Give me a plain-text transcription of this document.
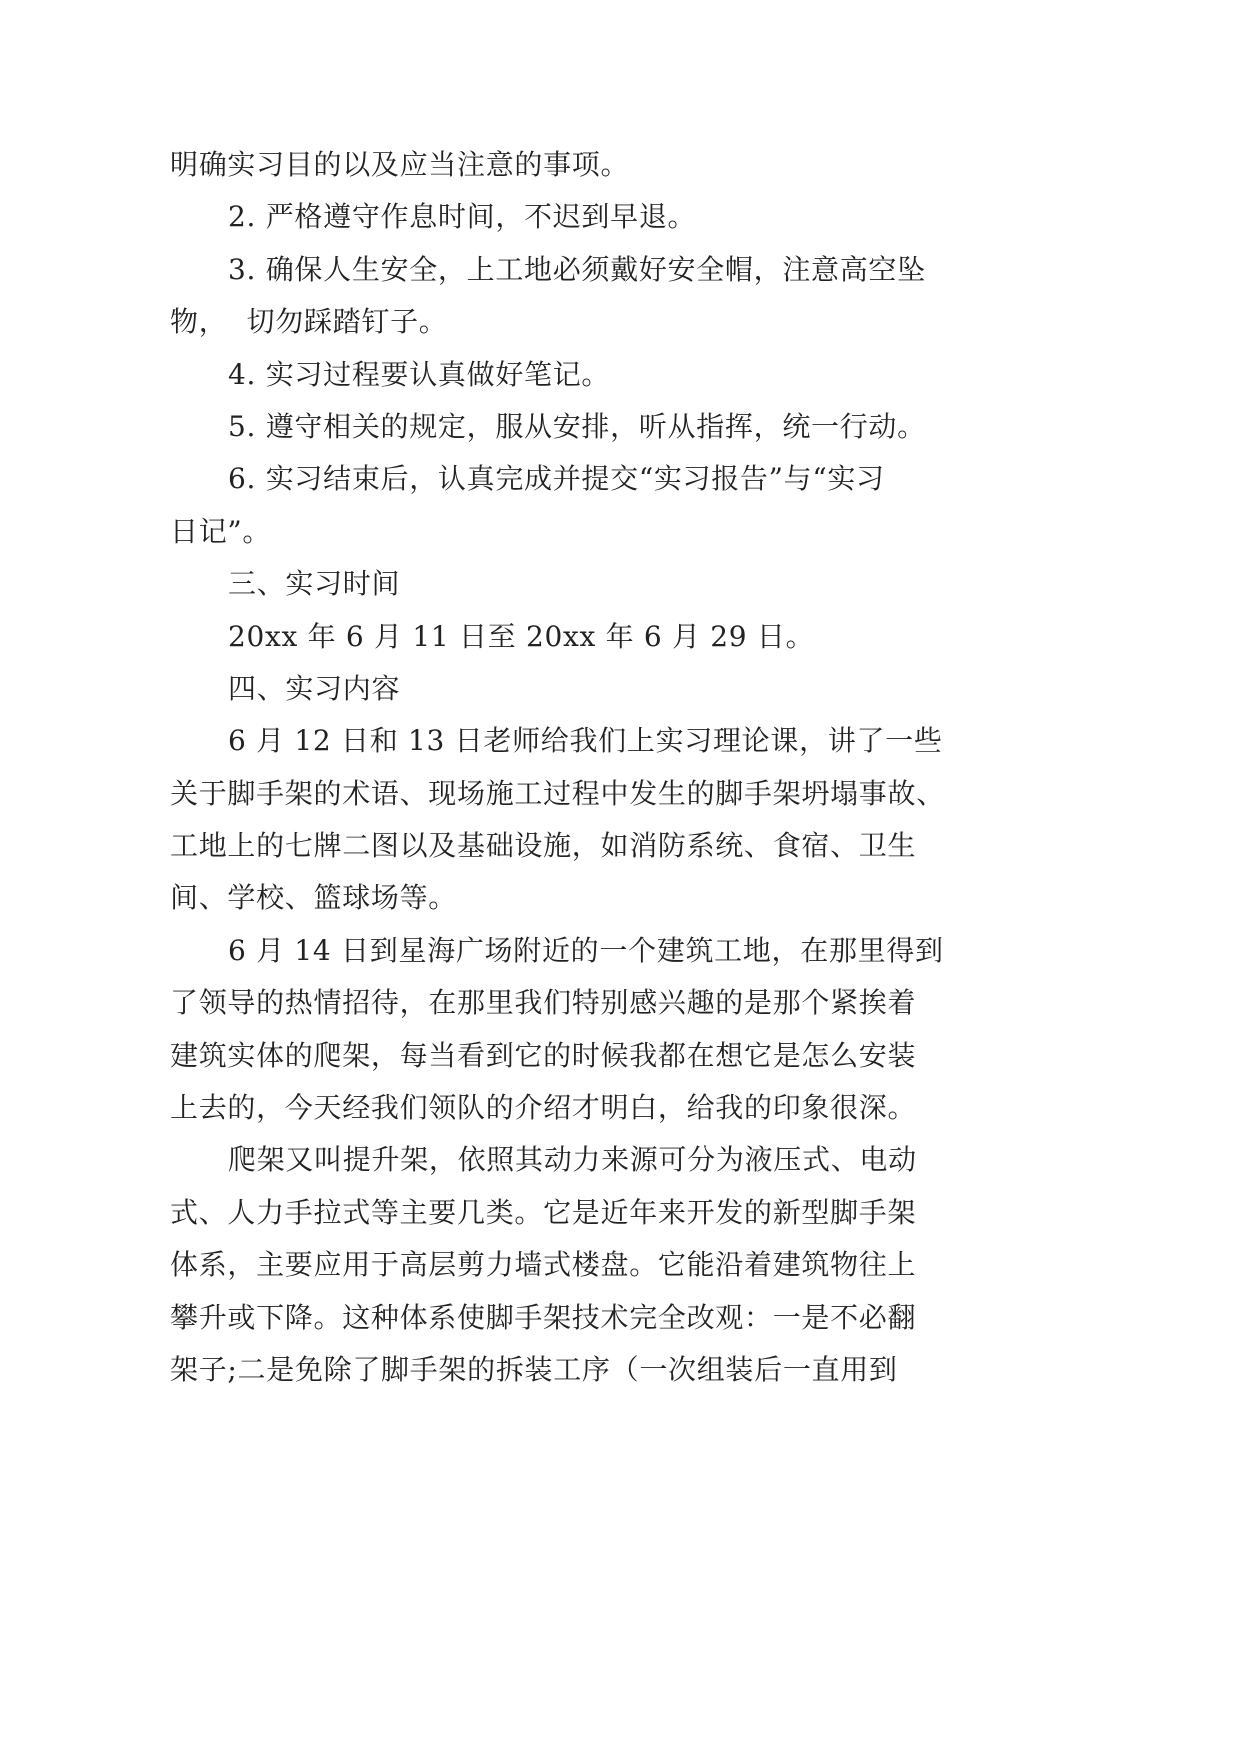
明确实习目的以及应当注意的事项。
2. 严格遵守作息时间，不迟到早退。
3. 确保人生安全，上工地必须戴好安全帽，注意高空坠
物，  切勿踩踏钉子。
4. 实习过程要认真做好笔记。
5. 遵守相关的规定，服从安排，听从指挥，统一行动。
6. 实习结束后，认真完成并提交“实习报告”与“实习
日记”。
三、实习时间
20xx 年 6 月 11 日至 20xx 年 6 月 29 日。
四、实习内容
6 月 12 日和 13 日老师给我们上实习理论课，讲了一些
关于脚手架的术语、现场施工过程中发生的脚手架坍塌事故、
工地上的七牌二图以及基础设施，如消防系统、食宿、卫生
间、学校、篮球场等。
6 月 14 日到星海广场附近的一个建筑工地，在那里得到
了领导的热情招待，在那里我们特别感兴趣的是那个紧挨着
建筑实体的爬架，每当看到它的时候我都在想它是怎么安装
上去的，今天经我们领队的介绍才明白，给我的印象很深。
爬架又叫提升架，依照其动力来源可分为液压式、电动
式、人力手拉式等主要几类。它是近年来开发的新型脚手架
体系，主要应用于高层剪力墙式楼盘。它能沿着建筑物往上
攀升或下降。这种体系使脚手架技术完全改观：一是不必翻
架子;二是免除了脚手架的拆装工序（一次组装后一直用到
